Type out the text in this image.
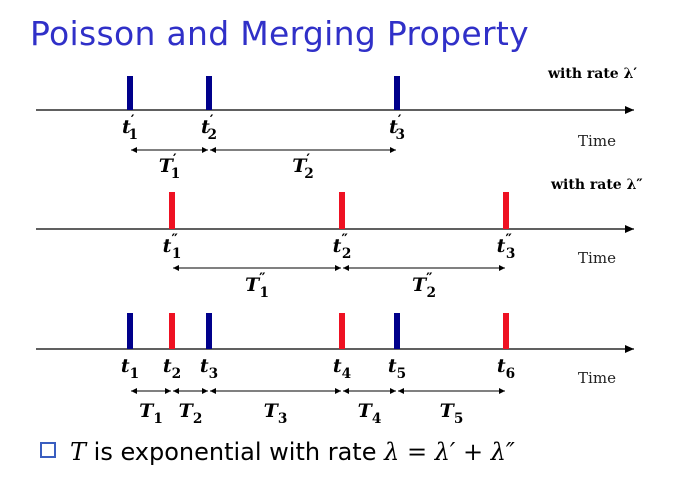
Poisson and Merging Property
Time
with rate λ′
t′ 1	t′ 2	t′ 3
T′ 1	T′ 2
Time
with rate λ″
t″ 1	t″ 2	t″ 3
T″ 1	T″ 2
Time
$t_1$ $t_2$ $t_3$	$t_4$ $t_5$	$t_6$
$T_1$ $T_2$	$T_3$	$T_4$	$T_5$
T is exponential with rate λ = λ′ + λ″
